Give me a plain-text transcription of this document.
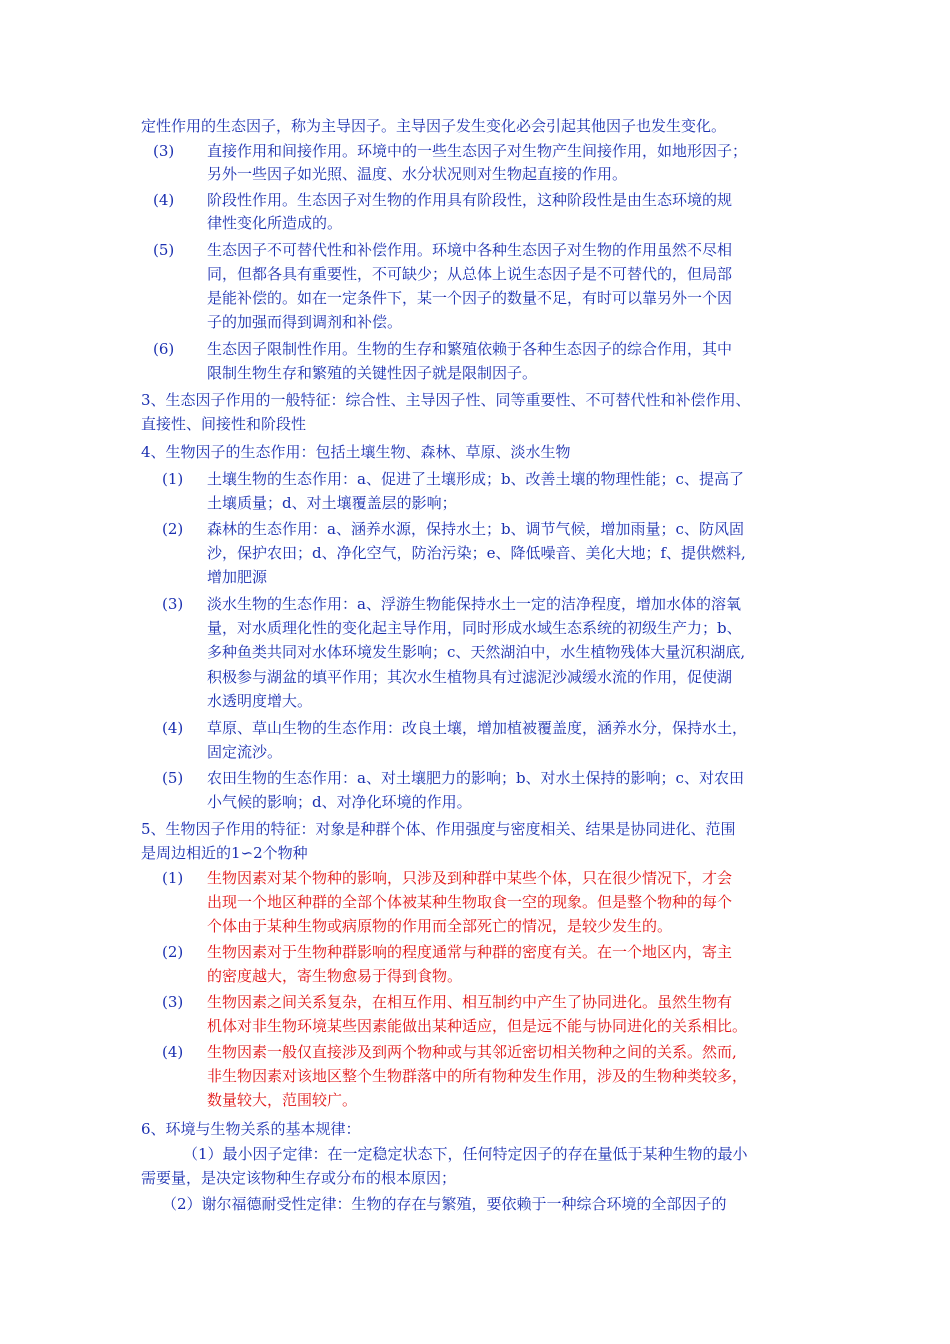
定性作用的生态因子，称为主导因子。主导因子发生变化必会引起其他因子也发生变化。
(3) 直接作用和间接作用。环境中的一些生态因子对生物产生间接作用，如地形因子；
另外一些因子如光照、温度、水分状况则对生物起直接的作用。
(4) 阶段性作用。生态因子对生物的作用具有阶段性，这种阶段性是由生态环境的规
律性变化所造成的。
(5) 生态因子不可替代性和补偿作用。环境中各种生态因子对生物的作用虽然不尽相
同，但都各具有重要性，不可缺少；从总体上说生态因子是不可替代的，但局部
是能补偿的。如在一定条件下，某一个因子的数量不足，有时可以靠另外一个因
子的加强而得到调剂和补偿。
(6) 生态因子限制性作用。生物的生存和繁殖依赖于各种生态因子的综合作用，其中
限制生物生存和繁殖的关键性因子就是限制因子。
3、生态因子作用的一般特征：综合性、主导因子性、同等重要性、不可替代性和补偿作用、
直接性、间接性和阶段性
4、生物因子的生态作用：包括土壤生物、森林、草原、淡水生物
(1) 土壤生物的生态作用：a、促进了土壤形成；b、改善土壤的物理性能；c、提高了
土壤质量；d、对土壤覆盖层的影响；
(2) 森林的生态作用：a、涵养水源，保持水土；b、调节气候，增加雨量；c、防风固
沙，保护农田；d、净化空气，防治污染；e、降低噪音、美化大地；f、提供燃料,
增加肥源
(3) 淡水生物的生态作用：a、浮游生物能保持水土一定的洁净程度，增加水体的溶氧
量，对水质理化性的变化起主导作用，同时形成水域生态系统的初级生产力；b、
多种鱼类共同对水体环境发生影响；c、天然湖泊中，水生植物残体大量沉积湖底,
积极参与湖盆的填平作用；其次水生植物具有过滤泥沙减缓水流的作用，促使湖
水透明度增大。
(4) 草原、草山生物的生态作用：改良土壤，增加植被覆盖度，涵养水分，保持水土，
固定流沙。
(5) 农田生物的生态作用：a、对土壤肥力的影响；b、对水土保持的影响；c、对农田
小气候的影响；d、对净化环境的作用。
5、生物因子作用的特征：对象是种群个体、作用强度与密度相关、结果是协同进化、范围
是周边相近的1∽2个物种
(1) 生物因素对某个物种的影响，只涉及到种群中某些个体，只在很少情况下，才会
出现一个地区种群的全部个体被某种生物取食一空的现象。但是整个物种的每个
个体由于某种生物或病原物的作用而全部死亡的情况，是较少发生的。
(2) 生物因素对于生物种群影响的程度通常与种群的密度有关。在一个地区内，寄主
的密度越大，寄生物愈易于得到食物。
(3) 生物因素之间关系复杂，在相互作用、相互制约中产生了协同进化。虽然生物有
机体对非生物环境某些因素能做出某种适应，但是远不能与协同进化的关系相比。
(4) 生物因素一般仅直接涉及到两个物种或与其邻近密切相关物种之间的关系。然而,
非生物因素对该地区整个生物群落中的所有物种发生作用，涉及的生物种类较多，
数量较大，范围较广。
6、环境与生物关系的基本规律：
（1）最小因子定律：在一定稳定状态下，任何特定因子的存在量低于某种生物的最小
需要量，是决定该物种生存或分布的根本原因；
（2）谢尔福德耐受性定律：生物的存在与繁殖，要依赖于一种综合环境的全部因子的
